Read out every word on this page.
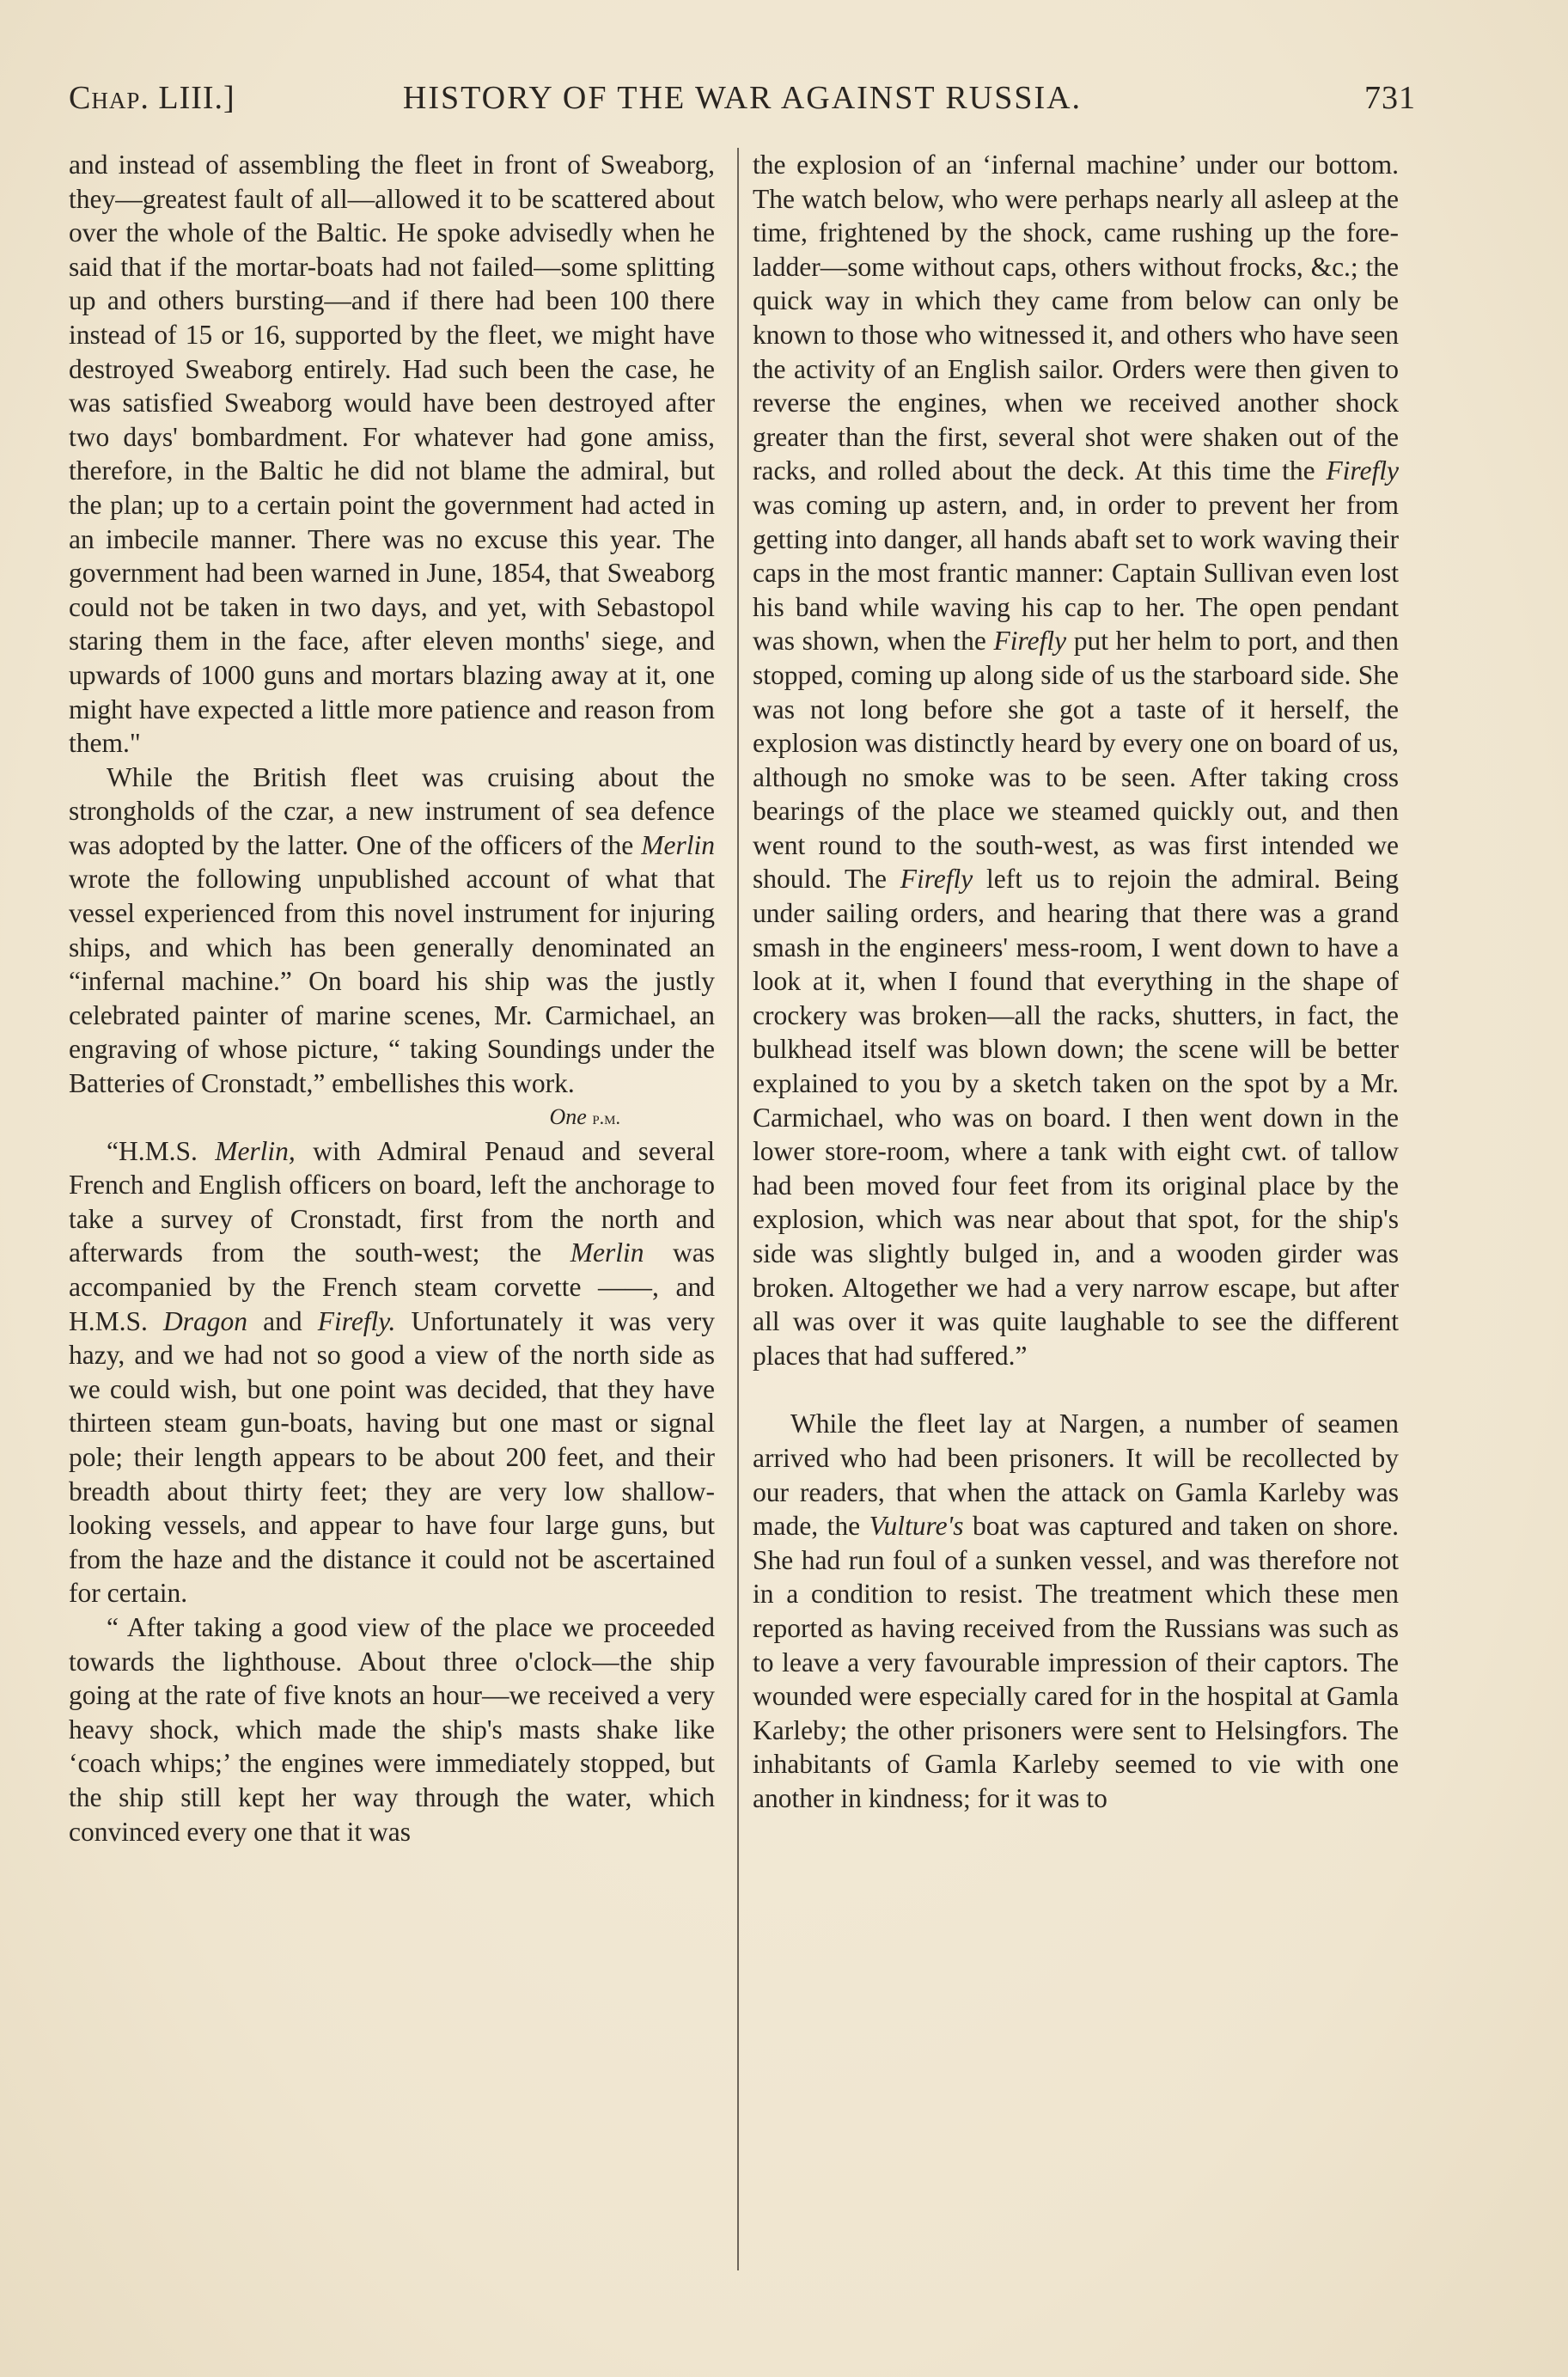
Chap. LIII.]	HISTORY OF THE WAR AGAINST RUSSIA.	731

and instead of assembling the fleet in front of Sweaborg, they—greatest fault of all—allowed it to be scattered about over the whole of the Baltic. He spoke advisedly when he said that if the mortar-boats had not failed—some splitting up and others bursting—and if there had been 100 there instead of 15 or 16, supported by the fleet, we might have destroyed Sweaborg entirely. Had such been the case, he was satisfied Sweaborg would have been destroyed after two days' bombardment. For whatever had gone amiss, therefore, in the Baltic he did not blame the admiral, but the plan; up to a certain point the government had acted in an imbecile manner. There was no excuse this year. The government had been warned in June, 1854, that Sweaborg could not be taken in two days, and yet, with Sebastopol staring them in the face, after eleven months' siege, and upwards of 1000 guns and mortars blazing away at it, one might have expected a little more patience and reason from them."

While the British fleet was cruising about the strongholds of the czar, a new instrument of sea defence was adopted by the latter. One of the officers of the Merlin wrote the following unpublished account of what that vessel experienced from this novel instrument for injuring ships, and which has been generally denominated an “infernal machine.” On board his ship was the justly celebrated painter of marine scenes, Mr. Carmichael, an engraving of whose picture, “ taking Soundings under the Batteries of Cronstadt,” embellishes this work.

One p.m.

“H.M.S. Merlin, with Admiral Penaud and several French and English officers on board, left the anchorage to take a survey of Cronstadt, first from the north and afterwards from the south-west; the Merlin was accompanied by the French steam corvette ——, and H.M.S. Dragon and Firefly. Unfortunately it was very hazy, and we had not so good a view of the north side as we could wish, but one point was decided, that they have thirteen steam gun-boats, having but one mast or signal pole; their length appears to be about 200 feet, and their breadth about thirty feet; they are very low shallow-looking vessels, and appear to have four large guns, but from the haze and the distance it could not be ascertained for certain.

“ After taking a good view of the place we proceeded towards the lighthouse. About three o'clock—the ship going at the rate of five knots an hour—we received a very heavy shock, which made the ship's masts shake like ‘coach whips;’ the engines were immediately stopped, but the ship still kept her way through the water, which convinced every one that it was

the explosion of an ‘infernal machine’ under our bottom. The watch below, who were perhaps nearly all asleep at the time, frightened by the shock, came rushing up the fore-ladder—some without caps, others without frocks, &c.; the quick way in which they came from below can only be known to those who witnessed it, and others who have seen the activity of an English sailor. Orders were then given to reverse the engines, when we received another shock greater than the first, several shot were shaken out of the racks, and rolled about the deck. At this time the Firefly was coming up astern, and, in order to prevent her from getting into danger, all hands abaft set to work waving their caps in the most frantic manner: Captain Sullivan even lost his band while waving his cap to her. The open pendant was shown, when the Firefly put her helm to port, and then stopped, coming up along side of us the starboard side. She was not long before she got a taste of it herself, the explosion was distinctly heard by every one on board of us, although no smoke was to be seen. After taking cross bearings of the place we steamed quickly out, and then went round to the south-west, as was first intended we should. The Firefly left us to rejoin the admiral. Being under sailing orders, and hearing that there was a grand smash in the engineers' mess-room, I went down to have a look at it, when I found that everything in the shape of crockery was broken—all the racks, shutters, in fact, the bulkhead itself was blown down; the scene will be better explained to you by a sketch taken on the spot by a Mr. Carmichael, who was on board. I then went down in the lower store-room, where a tank with eight cwt. of tallow had been moved four feet from its original place by the explosion, which was near about that spot, for the ship's side was slightly bulged in, and a wooden girder was broken. Altogether we had a very narrow escape, but after all was over it was quite laughable to see the different places that had suffered.”

While the fleet lay at Nargen, a number of seamen arrived who had been prisoners. It will be recollected by our readers, that when the attack on Gamla Karleby was made, the Vulture's boat was captured and taken on shore. She had run foul of a sunken vessel, and was therefore not in a condition to resist. The treatment which these men reported as having received from the Russians was such as to leave a very favourable impression of their captors. The wounded were especially cared for in the hospital at Gamla Karleby; the other prisoners were sent to Helsingfors. The inhabitants of Gamla Karleby seemed to vie with one another in kindness; for it was to
